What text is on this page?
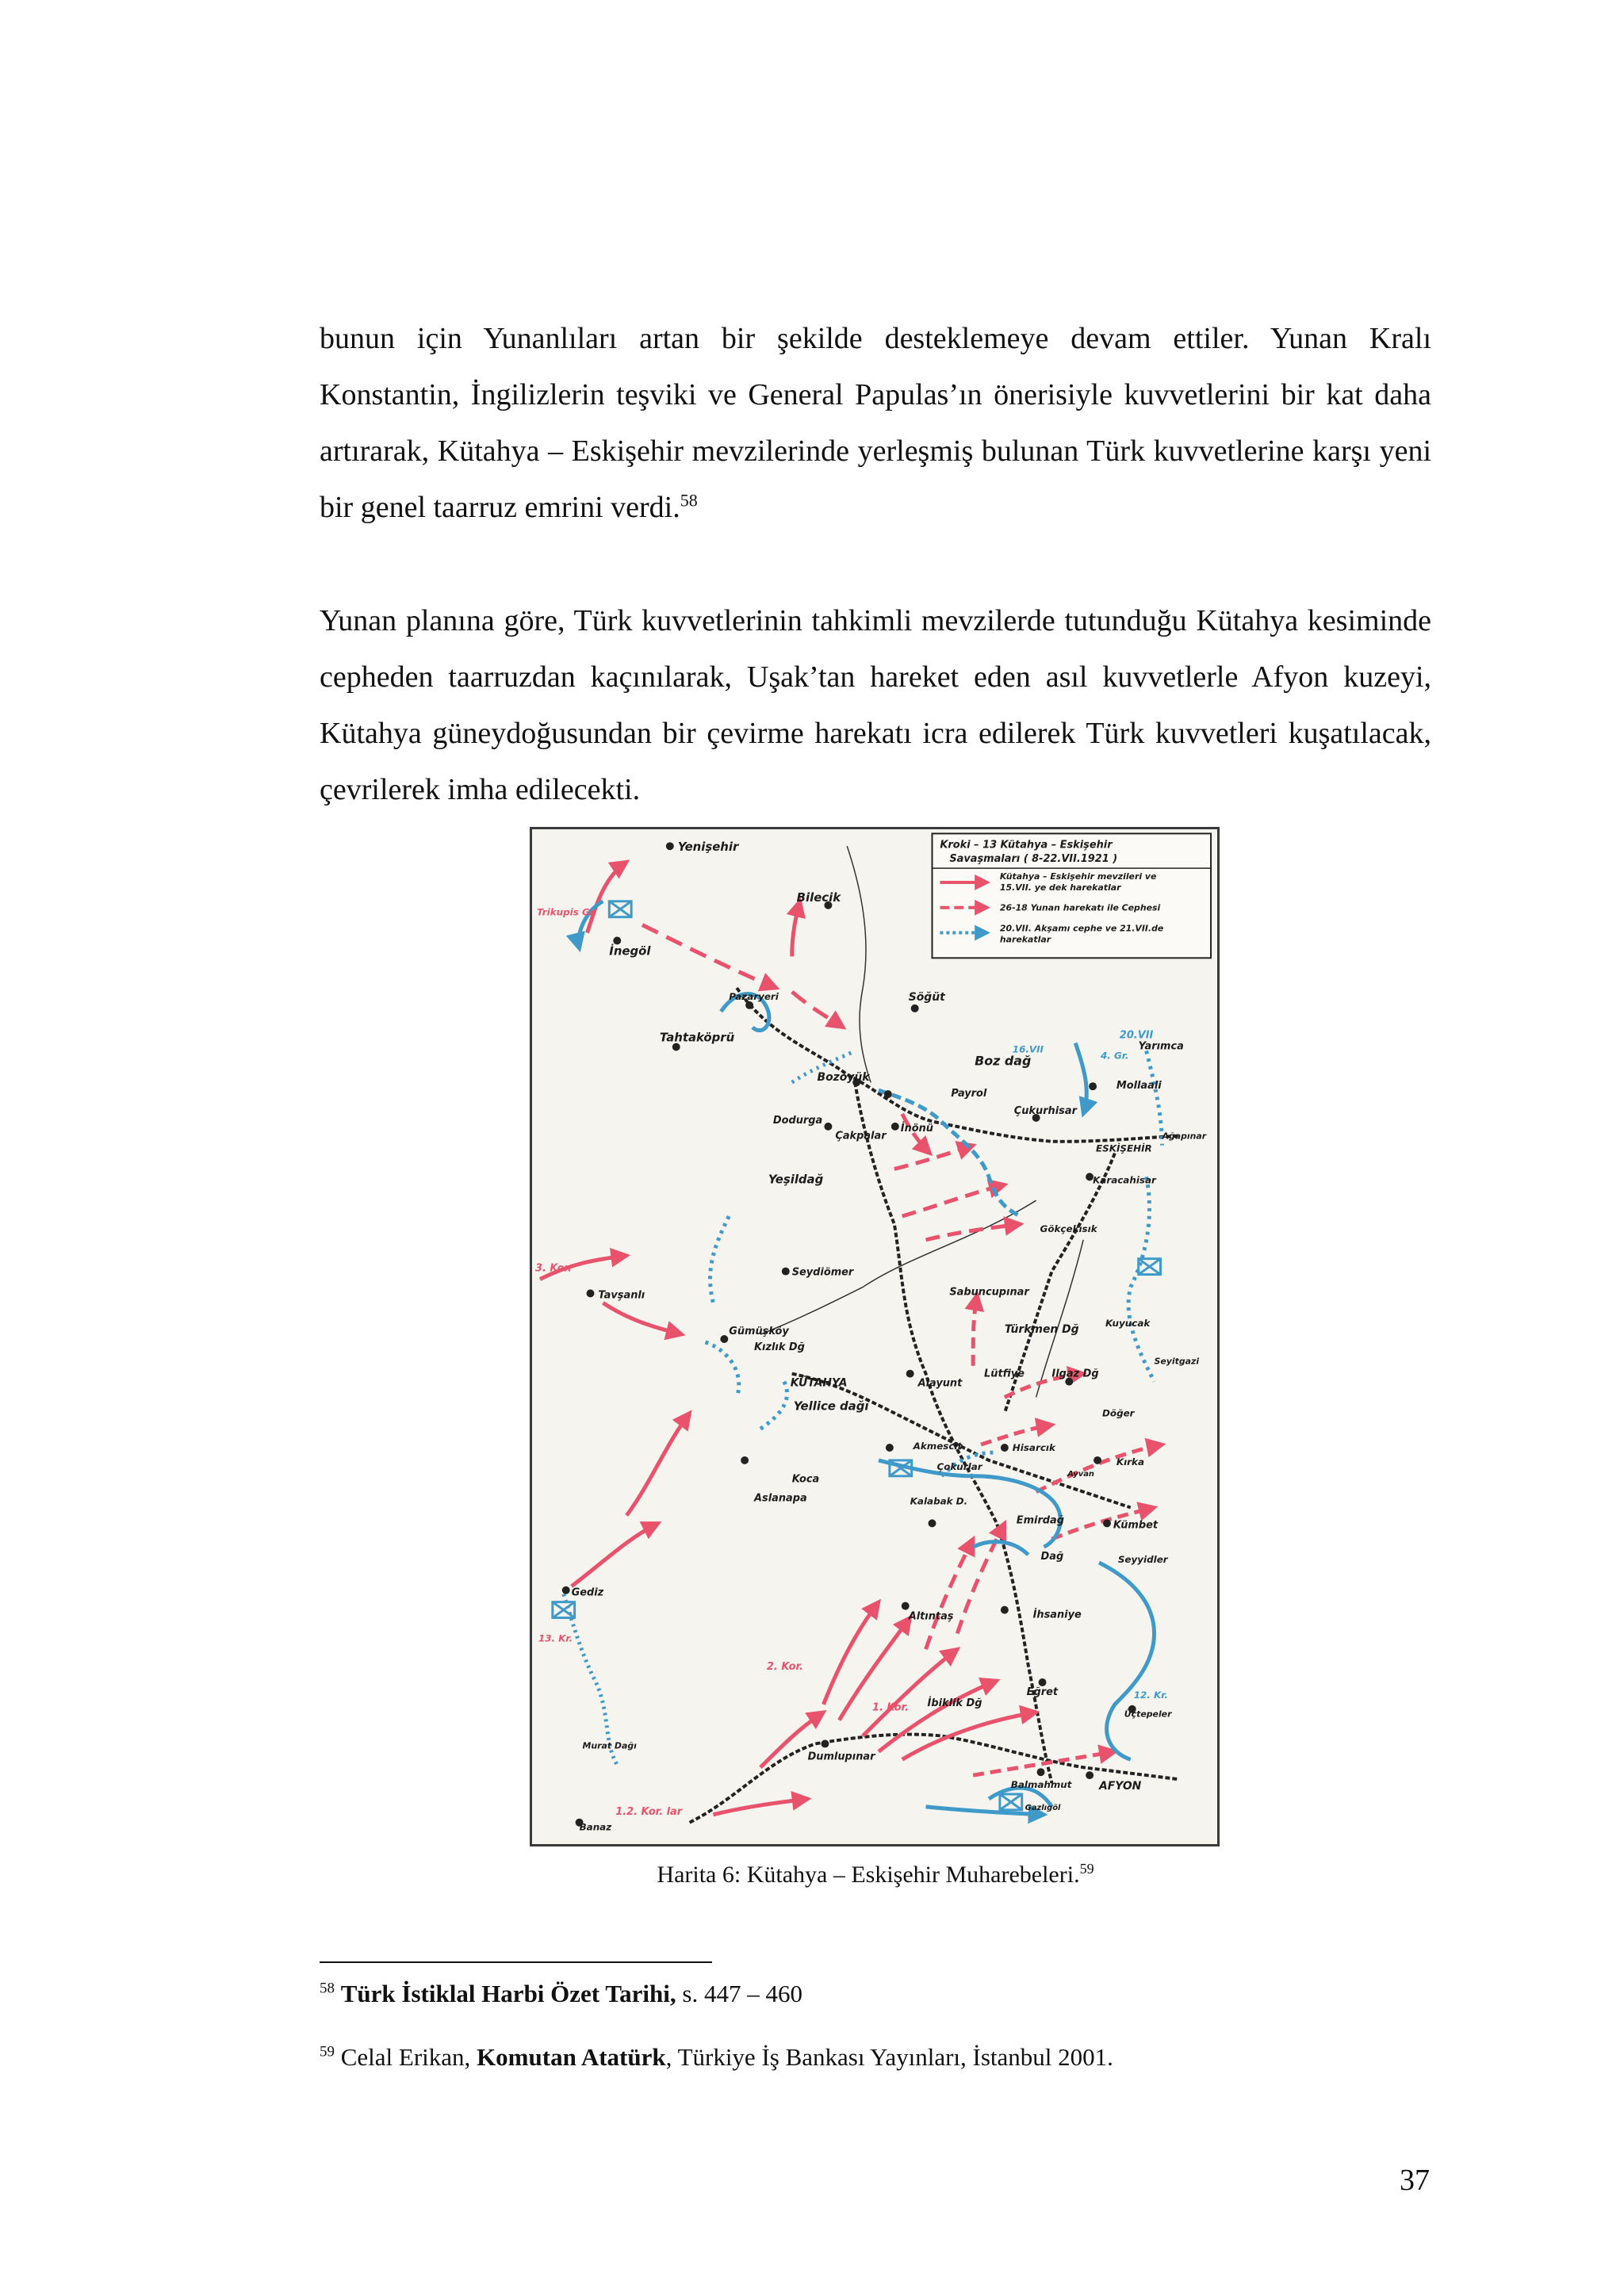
bunun için Yunanlıları artan bir şekilde desteklemeye devam ettiler. Yunan Kralı Konstantin, İngilizlerin teşviki ve General Papulas’ın önerisiyle kuvvetlerini bir kat daha artırarak, Kütahya – Eskişehir mevzilerinde yerleşmiş bulunan Türk kuvvetlerine karşı yeni bir genel taarruz emrini verdi.$^{58}$

Yunan planına göre, Türk kuvvetlerinin tahkimli mevzilerde tutunduğu Kütahya kesiminde cepheden taarruzdan kaçınılarak, Uşak’tan hareket eden asıl kuvvetlerle Afyon kuzeyi, Kütahya güneydoğusundan bir çevirme harekatı icra edilerek Türk kuvvetleri kuşatılacak, çevrilerek imha edilecekti.

Kroki – 13 Kütahya – Eskişehir
Savaşmaları ( 8-22.VII.1921 )
Kütahya – Eskişehir mevzileri ve
15.VII. ye dek harekatlar
26-18 Yunan harekatı ile Cephesi
20.VII. Akşamı cephe ve 21.VII.de
harekatlar
Yenişehir
Bilecik
İnegöl
Pazaryeri	Söğüt
Tahtaköprü
Bozöyük
Boz dağ
Yarımca
Mollaali
Payrol
Çukurhisar
Dodurga
Çakpalar
İnönü
ESKİŞEHİR
Ağapınar
Yeşildağ	Karacahisar
Gökçekısık
Seydiömer
Tavşanlı	Sabuncupınar
Türkmen Dğ	Kuyucak
Gümüşköy
Kızlık Dğ
KÜTAHYA	Alayunt
Lütfiye	Ilgaz Dğ
Seyitgazi
Yellice dağı
Akmescit	Hisarcık
Döğer
Kırka
Koca
Aslanapa
Çokurlar
Kalabak D.
Ayvan
Emirdağ	Kümbet
Dağ	Seyyidler
Gediz
Altıntaş	İhsaniye
İbiklik Dğ
Eğret
Üçtepeler
Murat Dağı
Dumlupınar
Balmahmut AFYON
Banaz
Gazlıgöl
3. Kor.
2. Kor.
1. Kor.
1.2. Kor. lar
Trikupis Gr.
13. Kr.
12. Kr.
20.VII
16.VII
4. Gr.
Harita 6: Kütahya – Eskişehir Muharebeleri.$^{59}$
$^{58}$ Türk İstiklal Harbi Özet Tarihi, s. 447 – 460
$^{59}$ Celal Erikan, Komutan Atatürk, Türkiye İş Bankası Yayınları, İstanbul 2001.
37
